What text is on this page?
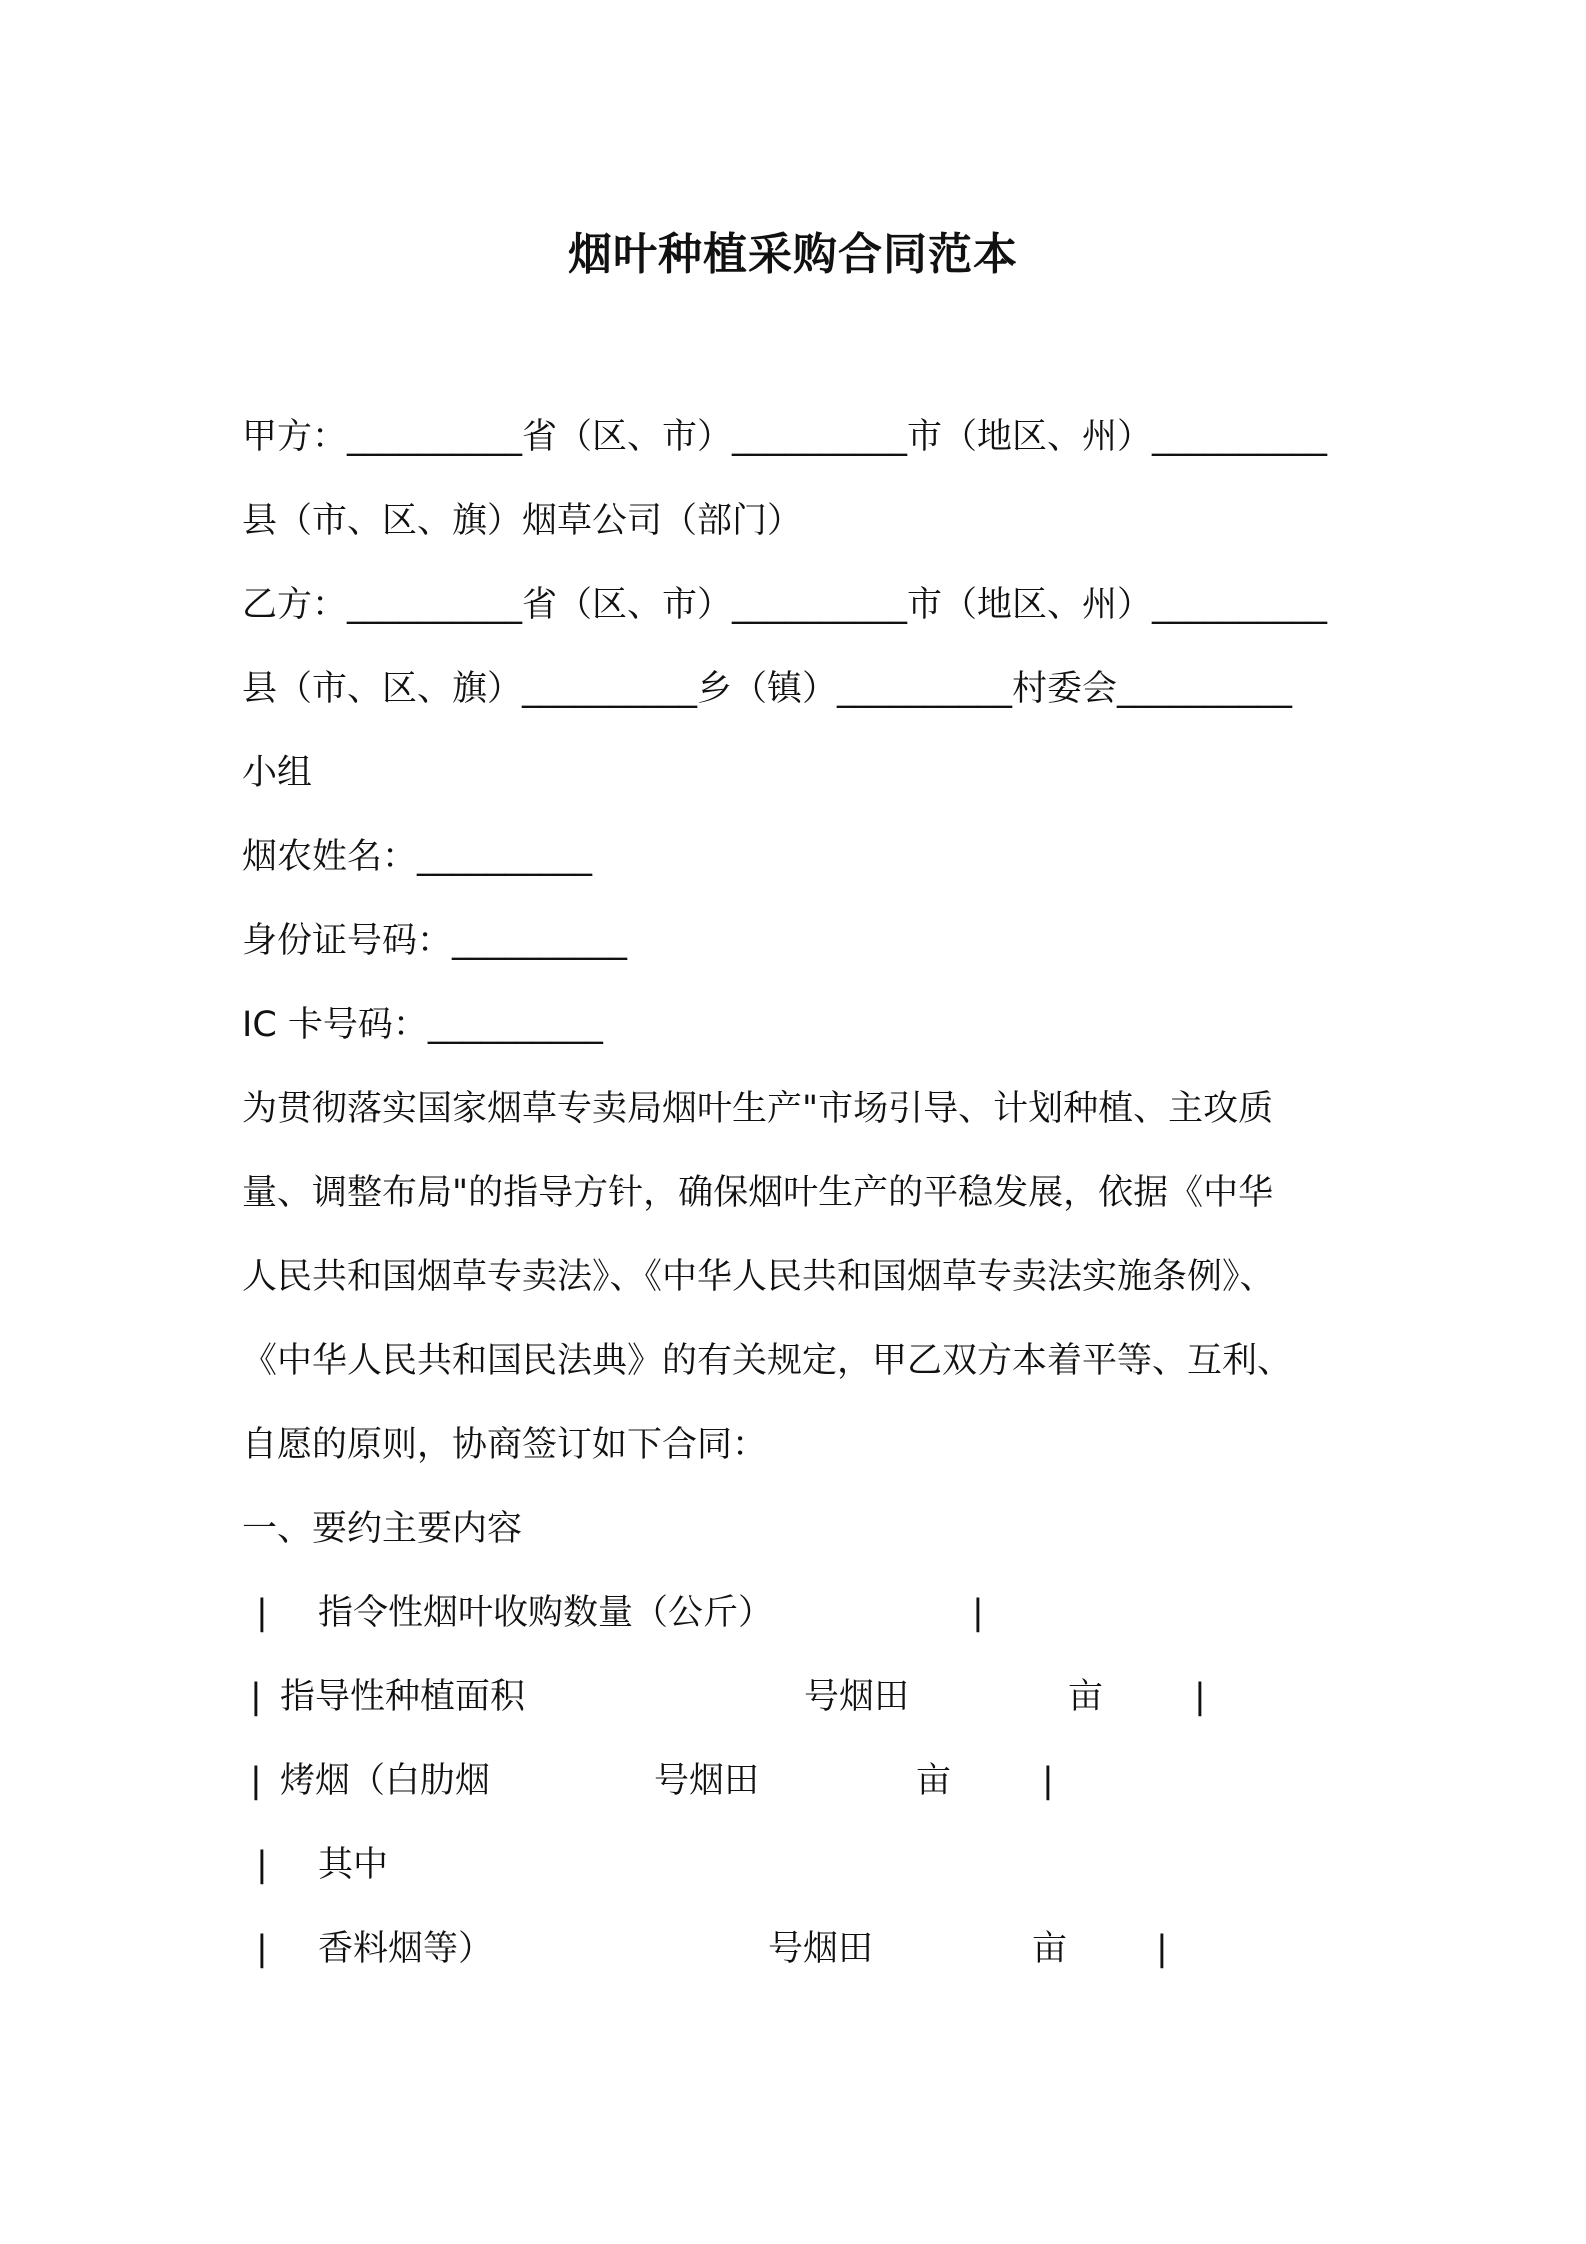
烟叶种植采购合同范本
甲方：__________省（区、市）__________市（地区、州）__________
县（市、区、旗）烟草公司（部门）
乙方：__________省（区、市）__________市（地区、州）__________
县（市、区、旗）__________乡（镇）__________村委会__________
小组
烟农姓名：__________
身份证号码：__________
IC 卡号码：__________
为贯彻落实国家烟草专卖局烟叶生产"市场引导、计划种植、主攻质
量、调整布局"的指导方针，确保烟叶生产的平稳发展，依据《中华
人民共和国烟草专卖法》、《中华人民共和国烟草专卖法实施条例》、
《中华人民共和国民法典》的有关规定，甲乙双方本着平等、互利、
自愿的原则，协商签订如下合同：
一、要约主要内容
| 指令性烟叶收购数量（公斤）	|
| 指导性种植面积	号烟田	亩	|
| 烤烟（白肋烟	号烟田	亩	|
| 其中
| 香料烟等）	号烟田	亩	|
